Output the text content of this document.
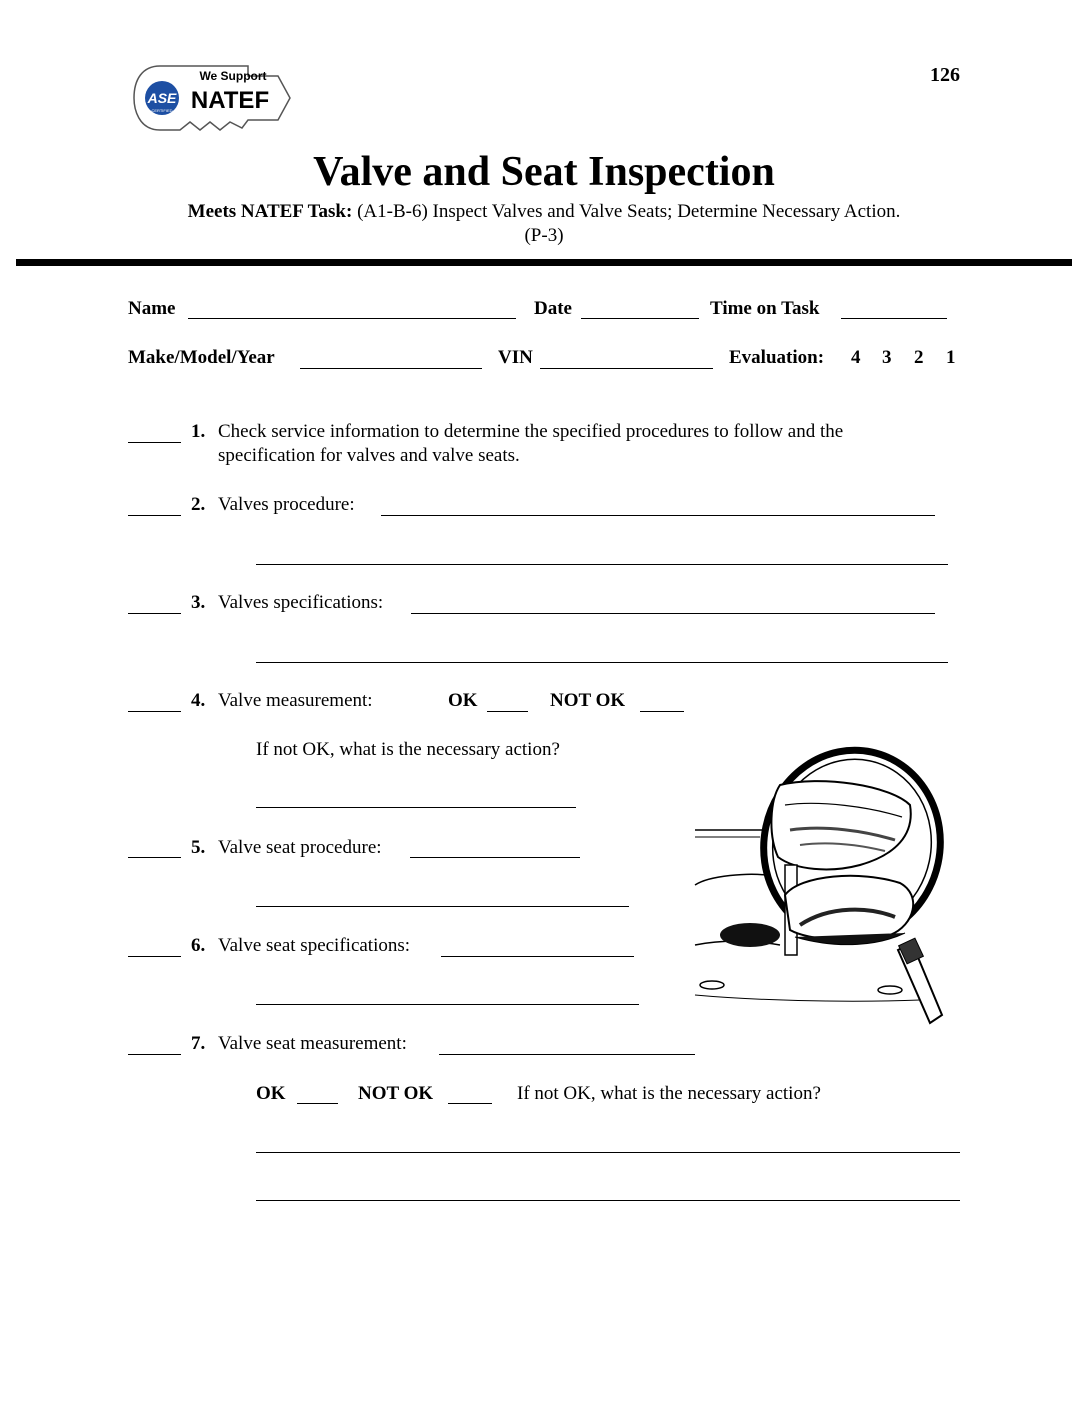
ASE
CERTIFIED
We Support
NATEF
126
Valve and Seat Inspection
Meets NATEF Task: (A1-B-6) Inspect Valves and Valve Seats; Determine Necessary Action.
(P-3)
Name	Date	Time on Task
Make/Model/Year	VIN	Evaluation: 4 3 2 1
1. Check service information to determine the specified procedures to follow and the
specification for valves and valve seats.
2. Valves procedure:
3. Valves specifications:
4. Valve measurement:	OK	NOT OK
If not OK, what is the necessary action?
5. Valve seat procedure:
6. Valve seat specifications:
7. Valve seat measurement:
OK	NOT OK	If not OK, what is the necessary action?
